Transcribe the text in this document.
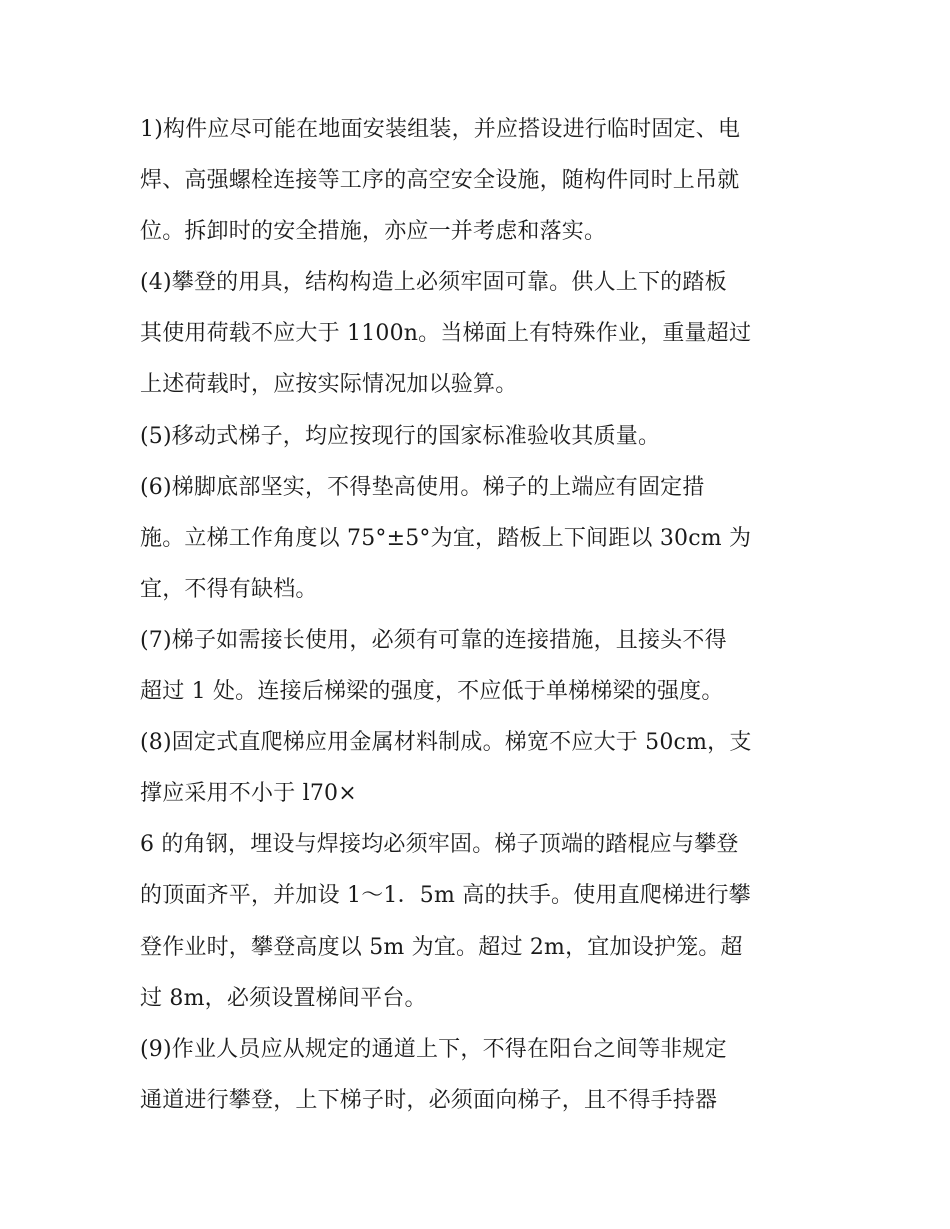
1)构件应尽可能在地面安装组装，并应搭设进行临时固定、电
焊、高强螺栓连接等工序的高空安全设施，随构件同时上吊就
位。拆卸时的安全措施，亦应一并考虑和落实。
(4)攀登的用具，结构构造上必须牢固可靠。供人上下的踏板
其使用荷载不应大于 1100n。当梯面上有特殊作业，重量超过
上述荷载时，应按实际情况加以验算。
(5)移动式梯子，均应按现行的国家标准验收其质量。
(6)梯脚底部坚实，不得垫高使用。梯子的上端应有固定措
施。立梯工作角度以 75°±5°为宜，踏板上下间距以 30cm 为
宜，不得有缺档。
(7)梯子如需接长使用，必须有可靠的连接措施，且接头不得
超过 1 处。连接后梯梁的强度，不应低于单梯梯梁的强度。
(8)固定式直爬梯应用金属材料制成。梯宽不应大于 50cm，支
撑应采用不小于 l70×
6 的角钢，埋设与焊接均必须牢固。梯子顶端的踏棍应与攀登
的顶面齐平，并加设 1～1．5m 高的扶手。使用直爬梯进行攀
登作业时，攀登高度以 5m 为宜。超过 2m，宜加设护笼。超
过 8m，必须设置梯间平台。
(9)作业人员应从规定的通道上下，不得在阳台之间等非规定
通道进行攀登，上下梯子时，必须面向梯子，且不得手持器
